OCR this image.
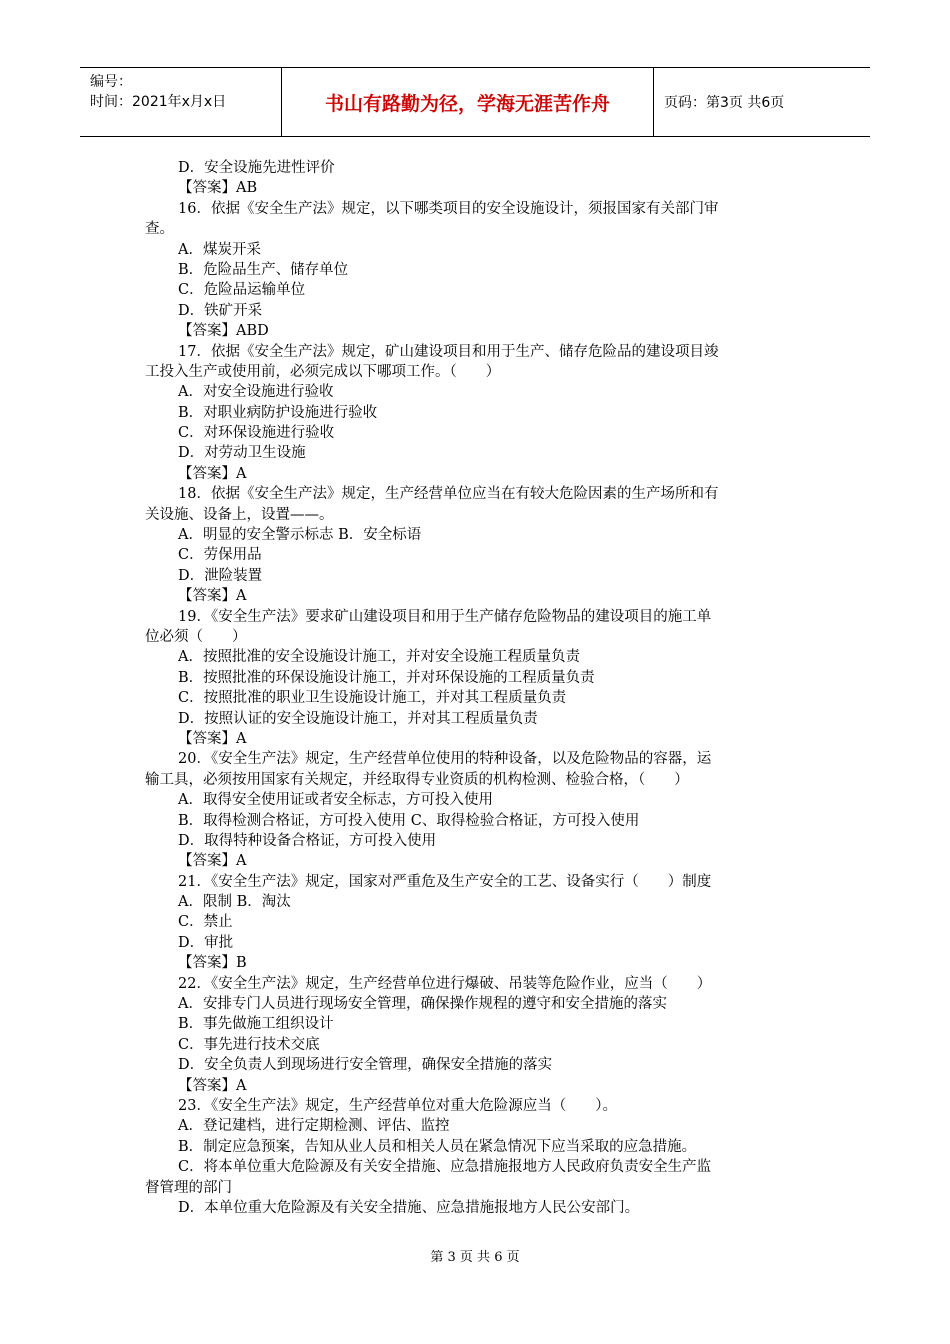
编号：
时间：2021年x月x日	书山有路勤为径，学海无涯苦作舟	页码：第3页 共6页
D．安全设施先进性评价
【答案】AB
16．依据《安全生产法》规定，以下哪类项目的安全设施设计，须报国家有关部门审
查。
A．煤炭开采
B．危险品生产、储存单位
C．危险品运输单位
D．铁矿开采
【答案】ABD
17．依据《安全生产法》规定，矿山建设项目和用于生产、储存危险品的建设项目竣
工投入生产或使用前，必须完成以下哪项工作。（　　）
A．对安全设施进行验收
B．对职业病防护设施进行验收
C．对环保设施进行验收
D．对劳动卫生设施
【答案】A
18．依据《安全生产法》规定，生产经营单位应当在有较大危险因素的生产场所和有
关设施、设备上，设置——。
A．明显的安全警示标志 B．安全标语
C．劳保用品
D．泄险装置
【答案】A
19．《安全生产法》要求矿山建设项目和用于生产储存危险物品的建设项目的施工单
位必须（　　）
A．按照批准的安全设施设计施工，并对安全设施工程质量负责
B．按照批准的环保设施设计施工，并对环保设施的工程质量负责
C．按照批准的职业卫生设施设计施工，并对其工程质量负责
D．按照认证的安全设施设计施工，并对其工程质量负责
【答案】A
20．《安全生产法》规定，生产经营单位使用的特种设备，以及危险物品的容器，运
输工具，必须按用国家有关规定，并经取得专业资质的机构检测、检验合格，（　　）
A．取得安全使用证或者安全标志，方可投入使用
B．取得检测合格证，方可投入使用 C、取得检验合格证，方可投入使用
D．取得特种设备合格证，方可投入使用
【答案】A
21．《安全生产法》规定，国家对严重危及生产安全的工艺、设备实行（　　）制度
A．限制 B．淘汰
C．禁止
D．审批
【答案】B
22．《安全生产法》规定，生产经营单位进行爆破、吊装等危险作业，应当（　　）
A．安排专门人员进行现场安全管理，确保操作规程的遵守和安全措施的落实
B．事先做施工组织设计
C．事先进行技术交底
D．安全负责人到现场进行安全管理，确保安全措施的落实
【答案】A
23．《安全生产法》规定，生产经营单位对重大危险源应当（　　）。
A．登记建档，进行定期检测、评估、监控
B．制定应急预案，告知从业人员和相关人员在紧急情况下应当采取的应急措施。
C．将本单位重大危险源及有关安全措施、应急措施报地方人民政府负责安全生产监
督管理的部门
D．本单位重大危险源及有关安全措施、应急措施报地方人民公安部门。
第 3 页 共 6 页
